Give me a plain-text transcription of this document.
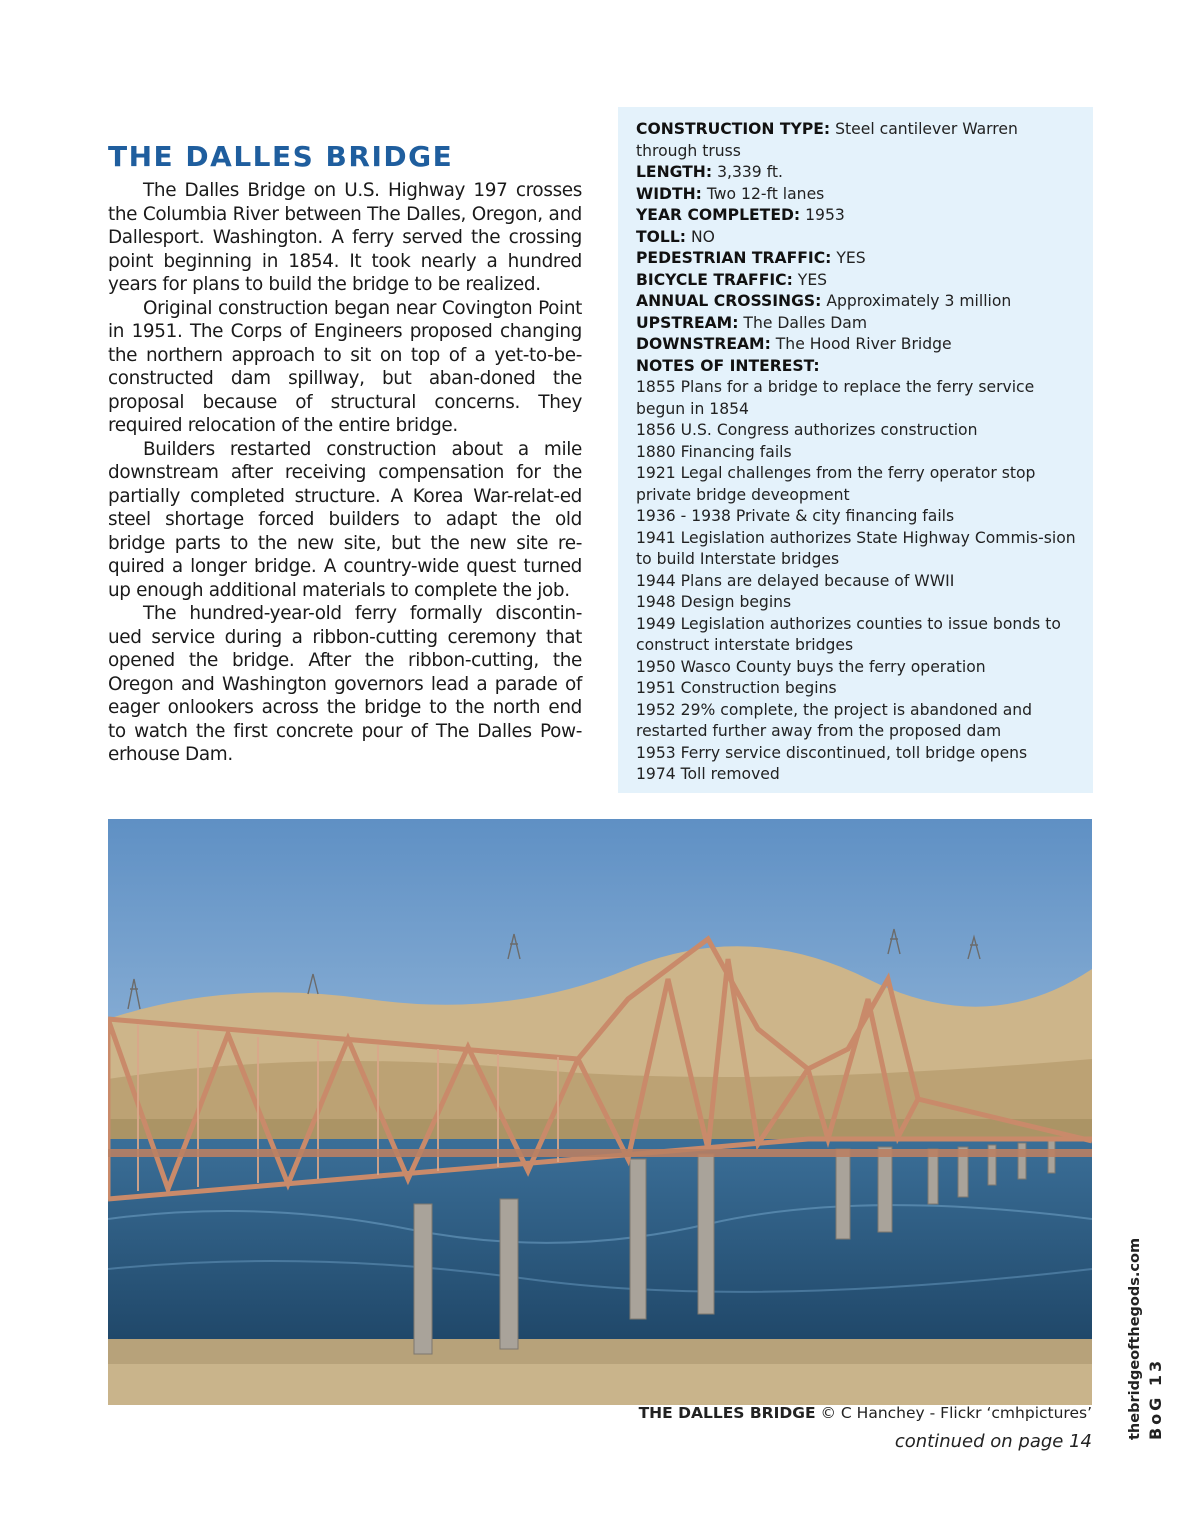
THE DALLES BRIDGE

The Dalles Bridge on U.S. Highway 197 crosses the Columbia River between The Dalles, Oregon, and Dallesport. Washington. A ferry served the crossing point beginning in 1854. It took nearly a hundred years for plans to build the bridge to be realized.

Original construction began near Covington Point in 1951. The Corps of Engineers proposed changing the northern approach to sit on top of a yet-to-be- constructed dam spillway, but aban-doned the proposal because of structural concerns. They required relocation of the entire bridge.

Builders restarted construction about a mile downstream after receiving compensation for the partially completed structure. A Korea War-relat-ed steel shortage forced builders to adapt the old bridge parts to the new site, but the new site re-quired a longer bridge. A country-wide quest turned up enough additional materials to complete the job.

The hundred-year-old ferry formally discontin-ued service during a ribbon-cutting ceremony that opened the bridge. After the ribbon-cutting, the Oregon and Washington governors lead a parade of eager onlookers across the bridge to the north end to watch the first concrete pour of The Dalles Pow-erhouse Dam.

CONSTRUCTION TYPE: Steel cantilever Warren through truss
LENGTH: 3,339 ft.
WIDTH: Two 12-ft lanes
YEAR COMPLETED: 1953
TOLL: NO
PEDESTRIAN TRAFFIC: YES
BICYCLE TRAFFIC: YES
ANNUAL CROSSINGS: Approximately 3 million
UPSTREAM: The Dalles Dam
DOWNSTREAM: The Hood River Bridge
NOTES OF INTEREST:
1855 Plans for a bridge to replace the ferry service begun in 1854
1856 U.S. Congress authorizes construction
1880 Financing fails
1921 Legal challenges from the ferry operator stop private bridge deveopment
1936 - 1938 Private & city financing fails
1941 Legislation authorizes State Highway Commis-sion to build Interstate bridges
1944 Plans are delayed because of WWII
1948 Design begins
1949 Legislation authorizes counties to issue bonds to construct interstate bridges
1950 Wasco County buys the ferry operation
1951 Construction begins
1952 29% complete, the project is abandoned and restarted further away from the proposed dam
1953 Ferry service discontinued, toll bridge opens
1974 Toll removed
THE DALLES BRIDGE © C Hanchey - Flickr ‘cmhpictures’
continued on page 14
thebridgeofthegods.com BoG 13
